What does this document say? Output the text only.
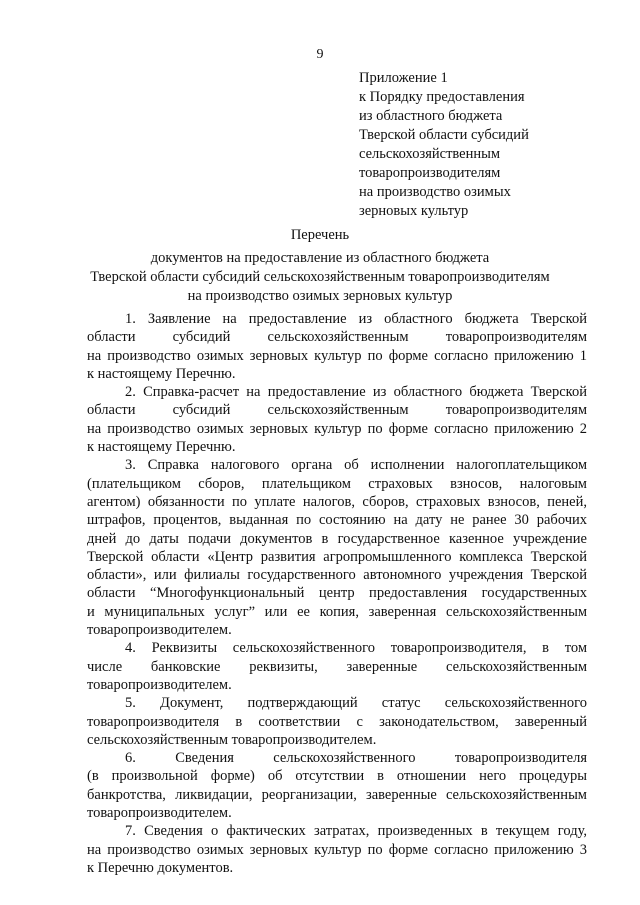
9
Приложение 1
к Порядку предоставления
из областного бюджета
Тверской области субсидий
сельскохозяйственным
товаропроизводителям
на производство озимых
зерновых культур
Перечень
документов на предоставление из областного бюджета
Тверской области субсидий сельскохозяйственным товаропроизводителям
на производство озимых зерновых культур
1. Заявление на предоставление из областного бюджета Тверской
области субсидий сельскохозяйственным товаропроизводителям
на производство озимых зерновых культур по форме согласно приложению 1
к настоящему Перечню.
2. Справка-расчет на предоставление из областного бюджета Тверской
области субсидий сельскохозяйственным товаропроизводителям
на производство озимых зерновых культур по форме согласно приложению 2
к настоящему Перечню.
3. Справка налогового органа об исполнении налогоплательщиком
(плательщиком сборов, плательщиком страховых взносов, налоговым
агентом) обязанности по уплате налогов, сборов, страховых взносов, пеней,
штрафов, процентов, выданная по состоянию на дату не ранее 30 рабочих
дней до даты подачи документов в государственное казенное учреждение
Тверской области «Центр развития агропромышленного комплекса Тверской
области», или филиалы государственного автономного учреждения Тверской
области “Многофункциональный центр предоставления государственных
и муниципальных услуг” или ее копия, заверенная сельскохозяйственным
товаропроизводителем.
4. Реквизиты сельскохозяйственного товаропроизводителя, в том
числе банковские реквизиты, заверенные сельскохозяйственным
товаропроизводителем.
5. Документ, подтверждающий статус сельскохозяйственного
товаропроизводителя в соответствии с законодательством, заверенный
сельскохозяйственным товаропроизводителем.
6. Сведения сельскохозяйственного товаропроизводителя
(в произвольной форме) об отсутствии в отношении него процедуры
банкротства, ликвидации, реорганизации, заверенные сельскохозяйственным
товаропроизводителем.
7. Сведения о фактических затратах, произведенных в текущем году,
на производство озимых зерновых культур по форме согласно приложению 3
к Перечню документов.
